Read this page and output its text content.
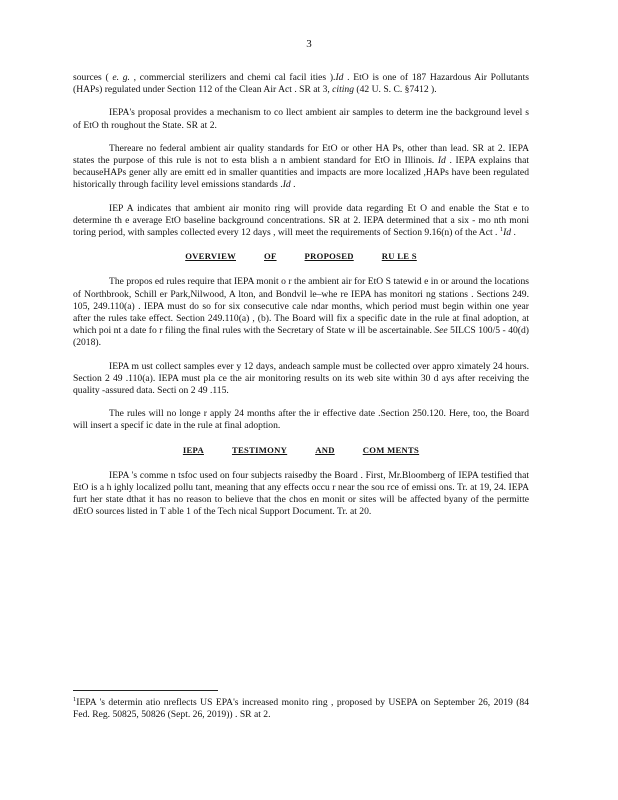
3

sources ( e. g. , commercial sterilizers and chemi cal facil ities ).Id . EtO is one of 187 Hazardous Air Pollutants (HAPs) regulated under Section 112 of the Clean Air Act . SR at 3, citing (42 U. S. C. §7412 ).

IEPA's proposal provides a mechanism to co llect ambient air samples to determ ine the background level s of EtO th roughout the State. SR at 2.

Thereare no federal ambient air quality standards for EtO or other HA Ps, other than lead. SR at 2. IEPA states the purpose of this rule is not to esta blish a n ambient standard for EtO in Illinois. Id . IEPA explains that becauseHAPs gener ally are emitt ed in smaller quantities and impacts are more localized ,HAPs have been regulated historically through facility level emissions standards .Id .

IEP A indicates that ambient air monito ring will provide data regarding Et O and enable the Stat e to determine th e average EtO baseline background concentrations. SR at 2. IEPA determined that a six - mo nth moni toring period, with samples collected every 12 days , will meet the requirements of Section 9.16(n) of the Act . $^1$Id .

OVERVIEW	OF	PROPOSED	RU LE S

The propos ed rules require that IEPA monit o r the ambient air for EtO S tatewid e in or around the locations of Northbrook, Schill er Park,Nilwood, A lton, and Bondvil le–whe re IEPA has monitori ng stations . Sections 249. 105, 249.110(a) . IEPA must do so for six consecutive cale ndar months, which period must begin within one year after the rules take effect. Section 249.110(a) , (b). The Board will fix a specific date in the rule at final adoption, at which poi nt a date fo r filing the final rules with the Secretary of State w ill be ascertainable. See 5ILCS 100/5 - 40(d) (2018).

IEPA m ust collect samples ever y 12 days, andeach sample must be collected over appro ximately 24 hours. Section 2 49 .110(a). IEPA must pla ce the air monitoring results on its web site within 30 d ays after receiving the quality -assured data. Secti on 2 49 .115.

The rules will no longe r apply 24 months after the ir effective date .Section 250.120. Here, too, the Board will insert a specif ic date in the rule at final adoption.

IEPA	TESTIMONY	AND	COM MENTS

IEPA 's comme n tsfoc used on four subjects raisedby the Board . First, Mr.Bloomberg of IEPA testified that EtO is a h ighly localized pollu tant, meaning that any effects occu r near the sou rce of emissi ons. Tr. at 19, 24. IEPA furt her state dthat it has no reason to believe that the chos en monit or sites will be affected byany of the permitte dEtO sources listed in T able 1 of the Tech nical Support Document. Tr. at 20.

$^1$IEPA 's determin atio nreflects US EPA's increased monito ring , proposed by USEPA on September 26, 2019 (84 Fed. Reg. 50825, 50826 (Sept. 26, 2019)) . SR at 2.
